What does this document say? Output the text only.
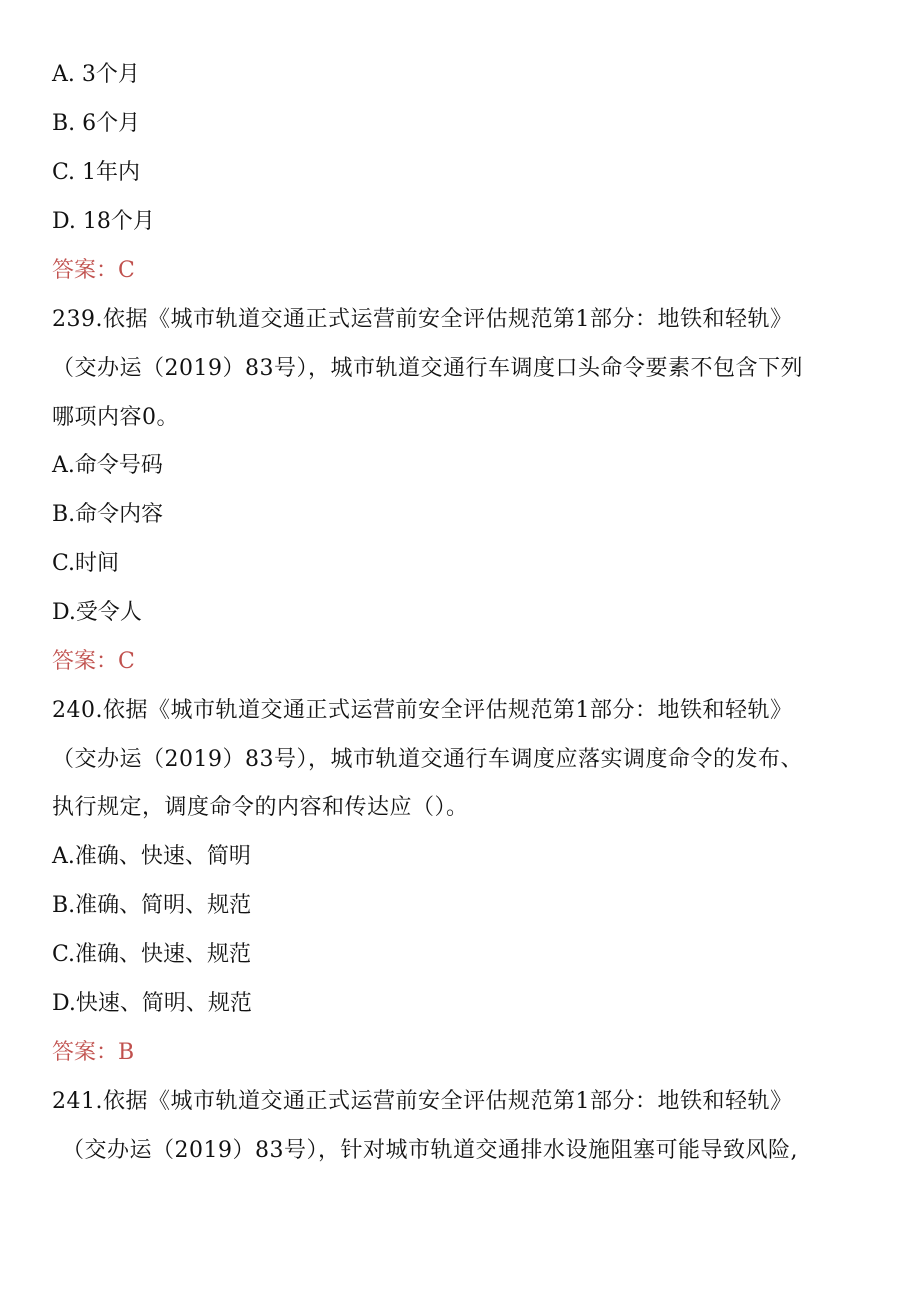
A. 3个月
B. 6个月
C. 1年内
D. 18个月
答案：C
239.依据《城市轨道交通正式运营前安全评估规范第1部分：地铁和轻轨》
（交办运（2019）83号），城市轨道交通行车调度口头命令要素不包含下列
哪项内容0。
A.命令号码
B.命令内容
C.时间
D.受令人
答案：C
240.依据《城市轨道交通正式运营前安全评估规范第1部分：地铁和轻轨》
（交办运（2019）83号），城市轨道交通行车调度应落实调度命令的发布、
执行规定，调度命令的内容和传达应（）。
A.准确、快速、简明
B.准确、简明、规范
C.准确、快速、规范
D.快速、简明、规范
答案：B
241.依据《城市轨道交通正式运营前安全评估规范第1部分：地铁和轻轨》
（交办运（2019）83号），针对城市轨道交通排水设施阻塞可能导致风险,
